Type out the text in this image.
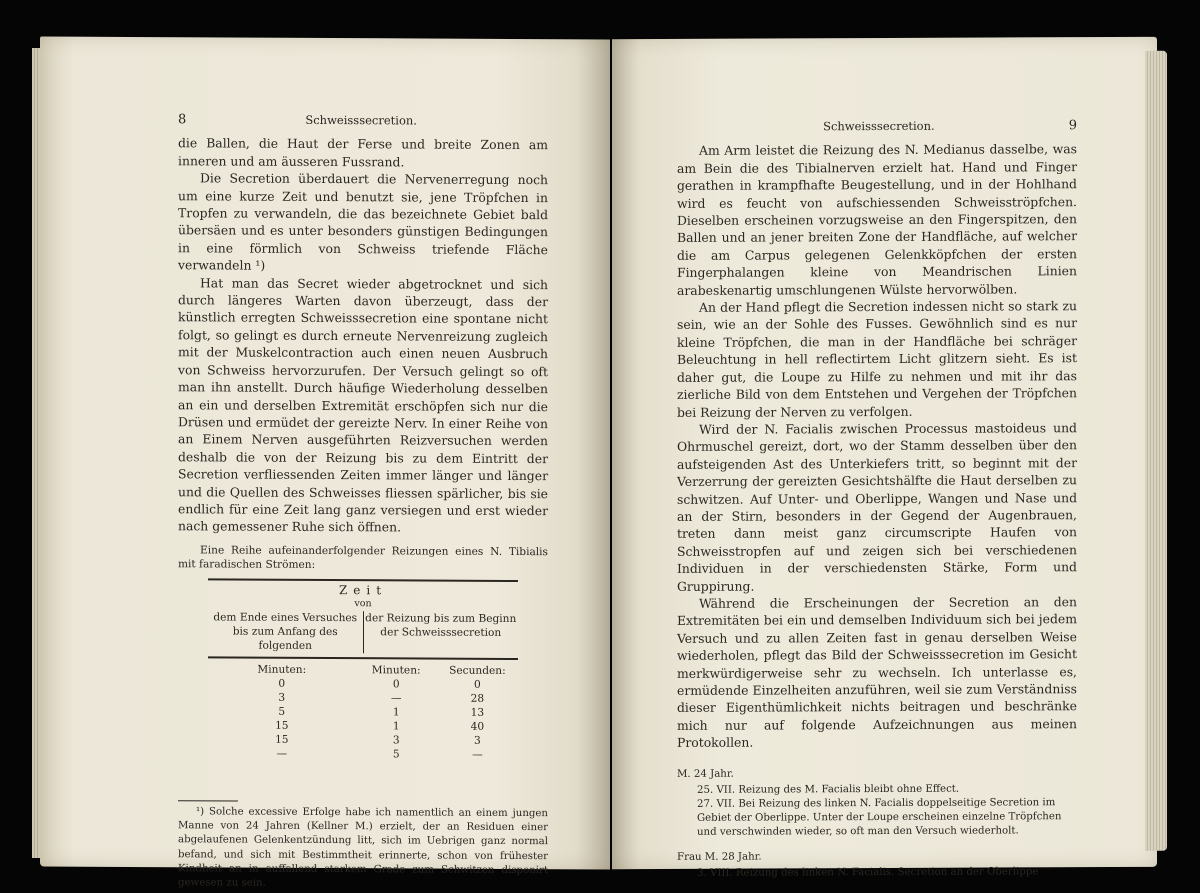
8	Schweisssecretion.

die Ballen, die Haut der Ferse und breite Zonen am inneren und am äusseren Fussrand.

Die Secretion überdauert die Nervenerregung noch um eine kurze Zeit und benutzt sie, jene Tröpfchen in Tropfen zu verwandeln, die das bezeichnete Gebiet bald übersäen und es unter besonders günstigen Bedingungen in eine förmlich von Schweiss triefende Fläche verwandeln ¹)

Hat man das Secret wieder abgetrocknet und sich durch längeres Warten davon überzeugt, dass der künstlich erregten Schweisssecretion eine spontane nicht folgt, so gelingt es durch erneute Nervenreizung zugleich mit der Muskelcontraction auch einen neuen Ausbruch von Schweiss hervorzurufen. Der Versuch gelingt so oft man ihn anstellt. Durch häufige Wiederholung desselben an ein und derselben Extremität erschöpfen sich nur die Drüsen und ermüdet der gereizte Nerv. In einer Reihe von an Einem Nerven ausgeführten Reizversuchen werden deshalb die von der Reizung bis zu dem Eintritt der Secretion verfliessenden Zeiten immer länger und länger und die Quellen des Schweisses fliessen spärlicher, bis sie endlich für eine Zeit lang ganz versiegen und erst wieder nach gemessener Ruhe sich öffnen.

Eine Reihe aufeinanderfolgender Reizungen eines N. Tibialis mit faradischen Strömen:

Zeit
von
dem Ende eines Versuches bis zum Anfang des folgenden
der Reizung bis zum Beginn der Schweisssecretion
Minuten:	Minuten:	Secunden:
0	0	0
3	—	28
5	1	13
15	1	40
15	3	3
—	5	—

¹) Solche excessive Erfolge habe ich namentlich an einem jungen Manne von 24 Jahren (Kellner M.) erzielt, der an Residuen einer abgelaufenen Gelenkentzündung litt, sich im Uebrigen ganz normal befand, und sich mit Bestimmtheit erinnerte, schon von frühester Kindheit an in auffallend starkem Grade zum Schwitzen disponirt gewesen zu sein.

Schweisssecretion.	9

Am Arm leistet die Reizung des N. Medianus dasselbe, was am Bein die des Tibialnerven erzielt hat. Hand und Finger gerathen in krampfhafte Beugestellung, und in der Hohlhand wird es feucht von aufschiessenden Schweisströpfchen. Dieselben erscheinen vorzugsweise an den Fingerspitzen, den Ballen und an jener breiten Zone der Handfläche, auf welcher die am Carpus gelegenen Gelenkköpfchen der ersten Fingerphalangen kleine von Meandrischen Linien arabeskenartig umschlungenen Wülste hervorwölben.

An der Hand pflegt die Secretion indessen nicht so stark zu sein, wie an der Sohle des Fusses. Gewöhnlich sind es nur kleine Tröpfchen, die man in der Handfläche bei schräger Beleuchtung in hell reflectirtem Licht glitzern sieht. Es ist daher gut, die Loupe zu Hilfe zu nehmen und mit ihr das zierliche Bild von dem Entstehen und Vergehen der Tröpfchen bei Reizung der Nerven zu verfolgen.

Wird der N. Facialis zwischen Processus mastoideus und Ohrmuschel gereizt, dort, wo der Stamm desselben über den aufsteigenden Ast des Unterkiefers tritt, so beginnt mit der Verzerrung der gereizten Gesichtshälfte die Haut derselben zu schwitzen. Auf Unter- und Oberlippe, Wangen und Nase und an der Stirn, besonders in der Gegend der Augenbrauen, treten dann meist ganz circumscripte Haufen von Schweisstropfen auf und zeigen sich bei verschiedenen Individuen in der verschiedensten Stärke, Form und Gruppirung.

Während die Erscheinungen der Secretion an den Extremitäten bei ein und demselben Individuum sich bei jedem Versuch und zu allen Zeiten fast in genau derselben Weise wiederholen, pflegt das Bild der Schweisssecretion im Gesicht merkwürdigerweise sehr zu wechseln. Ich unterlasse es, ermüdende Einzelheiten anzuführen, weil sie zum Verständniss dieser Eigenthümlichkeit nichts beitragen und beschränke mich nur auf folgende Aufzeichnungen aus meinen Protokollen.

M. 24 Jahr.
25. VII. Reizung des M. Facialis bleibt ohne Effect.
27. VII. Bei Reizung des linken N. Facialis doppelseitige Secretion im Gebiet der Oberlippe. Unter der Loupe erscheinen einzelne Tröpfchen und verschwinden wieder, so oft man den Versuch wiederholt.
Frau M. 28 Jahr.
3. VIII. Reizung des linken N. Facialis. Secretion an der Oberlippe
